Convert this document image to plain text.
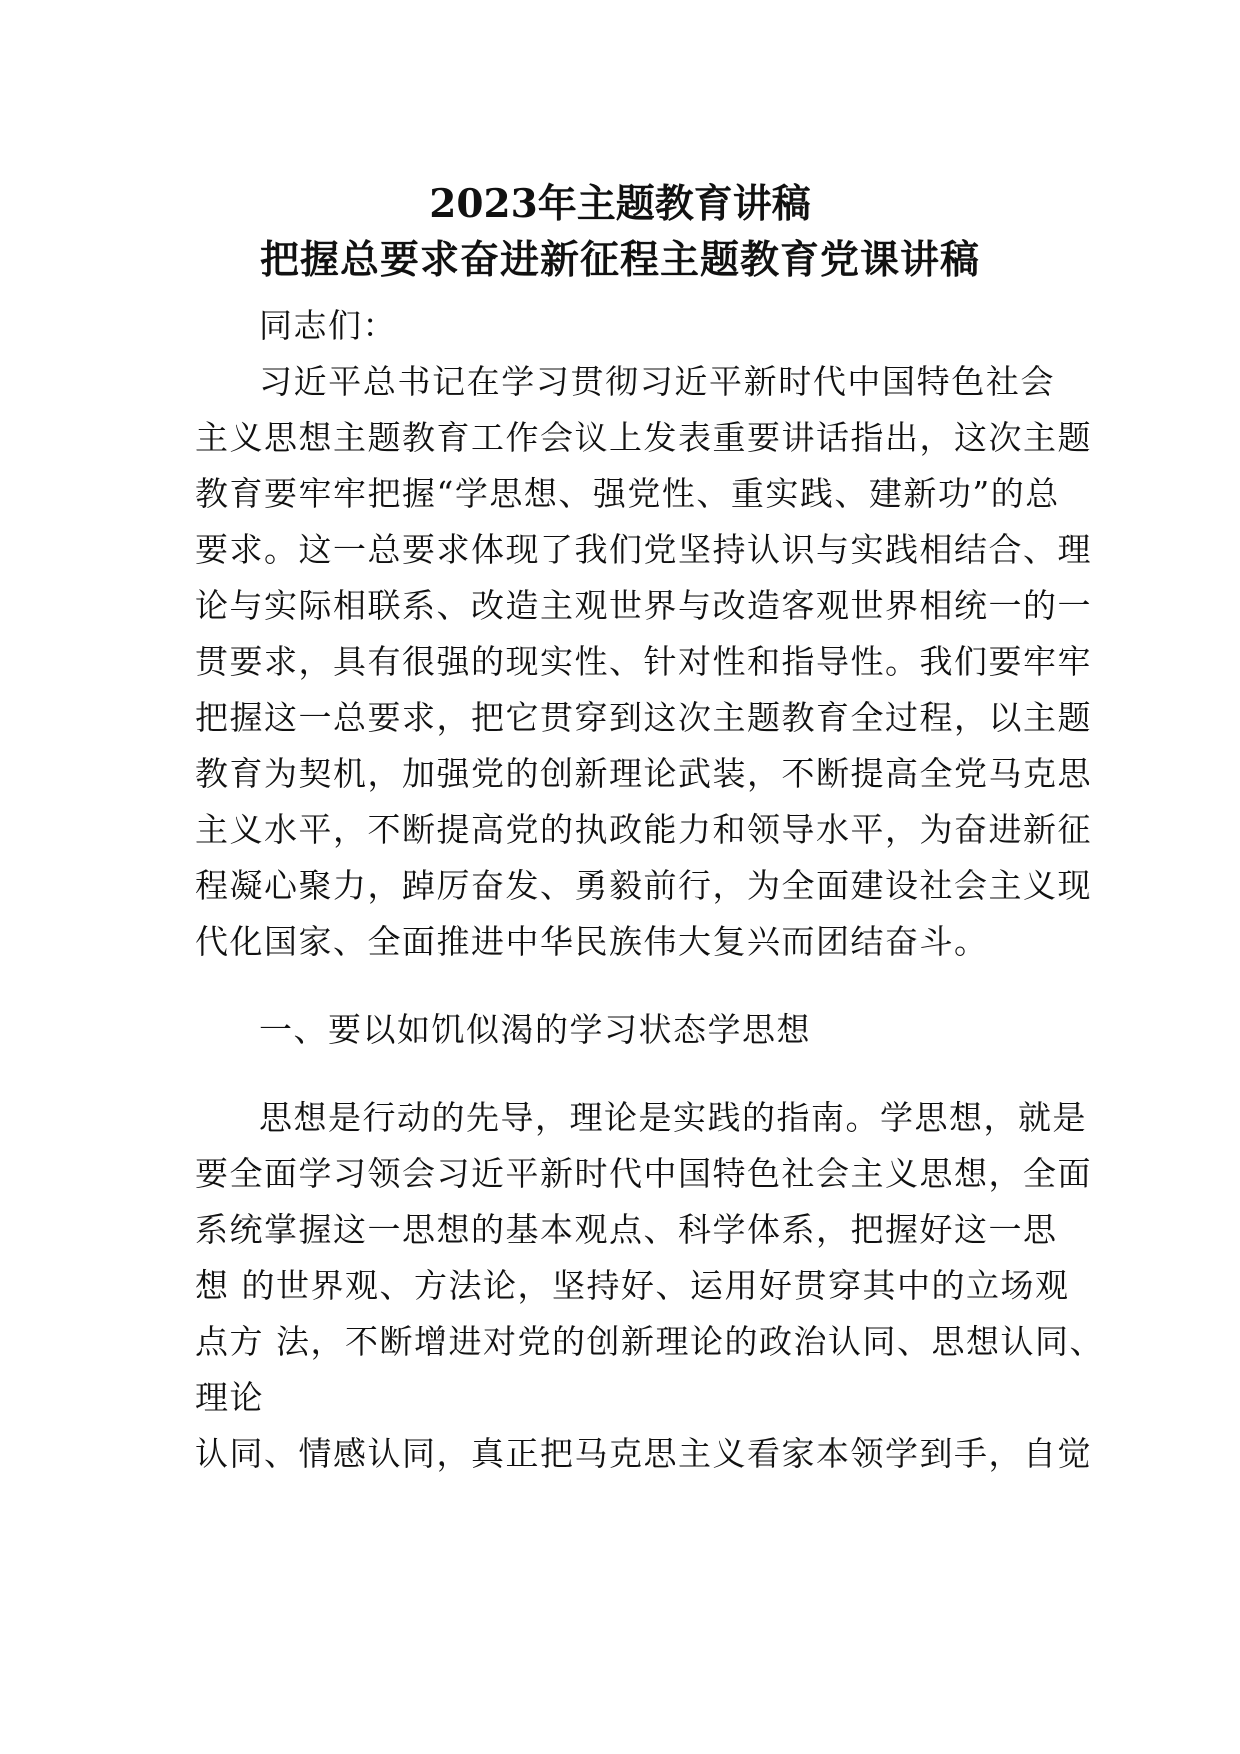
2023年主题教育讲稿
把握总要求奋进新征程主题教育党课讲稿
同志们：
习近平总书记在学习贯彻习近平新时代中国特色社会
主义思想主题教育工作会议上发表重要讲话指出，这次主题
教育要牢牢把握“学思想、强党性、重实践、建新功”的总
要求。这一总要求体现了我们党坚持认识与实践相结合、理
论与实际相联系、改造主观世界与改造客观世界相统一的一
贯要求，具有很强的现实性、针对性和指导性。我们要牢牢
把握这一总要求，把它贯穿到这次主题教育全过程，以主题
教育为契机，加强党的创新理论武装，不断提高全党马克思
主义水平，不断提高党的执政能力和领导水平，为奋进新征
程凝心聚力，踔厉奋发、勇毅前行，为全面建设社会主义现
代化国家、全面推进中华民族伟大复兴而团结奋斗。
一、要以如饥似渴的学习状态学思想
思想是行动的先导，理论是实践的指南。学思想，就是
要全面学习领会习近平新时代中国特色社会主义思想，全面
系统掌握这一思想的基本观点、科学体系，把握好这一思
想 的世界观、方法论，坚持好、运用好贯穿其中的立场观
点方 法，不断增进对党的创新理论的政治认同、思想认同、
理论
认同、情感认同，真正把马克思主义看家本领学到手，自觉
